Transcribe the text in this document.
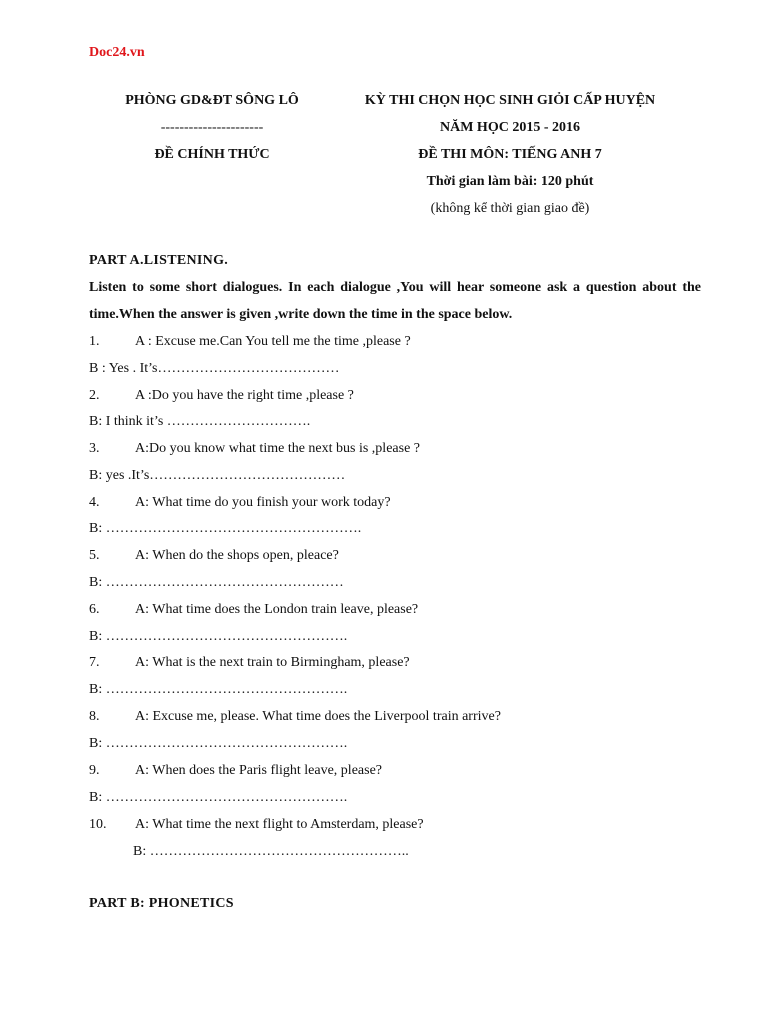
Doc24.vn
PHÒNG GD&ĐT SÔNG LÔ
----------------------
ĐỀ CHÍNH THỨC
KỲ THI CHỌN HỌC SINH GIỎI CẤP HUYỆN
NĂM HỌC 2015 - 2016
ĐỀ THI MÔN: TIẾNG ANH 7
Thời gian làm bài: 120 phút
(không kể thời gian giao đề)
PART A.LISTENING.
Listen to some short dialogues. In each dialogue ,You will hear someone ask a question about the time.When the answer is given ,write down the time in the space below.
1.	A : Excuse me.Can You tell me the time ,please ?
B : Yes . It’s…………………………………
2.	A :Do you have the right time ,please ?
B: I think it’s ………………………….
3.	A:Do you know what time the next bus is ,please ?
B: yes .It’s……………………………………
4.	A: What time do you finish your work today?
B: ……………………………………………….
5.	A: When do the shops open, pleace?
B: ……………………………………………
6.	A: What time does the London train leave, please?
B: …………………………………………….
7.	A: What is the next train to Birmingham, please?
B: …………………………………………….
8.	A: Excuse me, please. What time does the Liverpool train arrive?
B: …………………………………………….
9.	A: When does the Paris flight leave, please?
B: …………………………………………….
10. A: What time the next flight to Amsterdam, please?
B: ………………………………………………..
PART B: PHONETICS
